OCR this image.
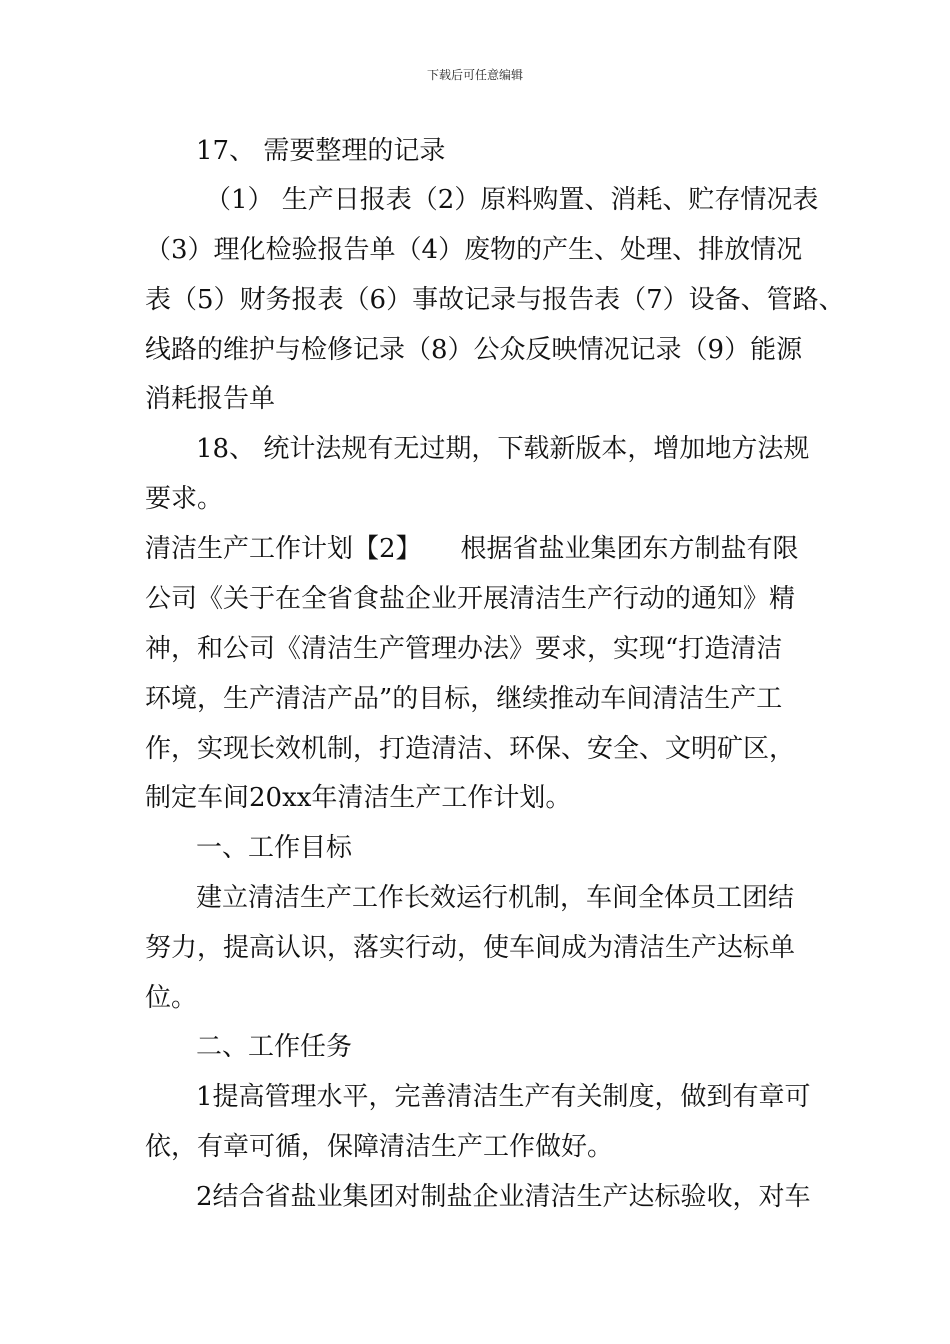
下载后可任意编辑
17、 需要整理的记录
（1） 生产日报表（2）原料购置、消耗、贮存情况表
（3）理化检验报告单（4）废物的产生、处理、排放情况
表（5）财务报表（6）事故记录与报告表（7）设备、管路、
线路的维护与检修记录（8）公众反映情况记录（9）能源
消耗报告单
18、 统计法规有无过期，下载新版本，增加地方法规
要求。
清洁生产工作计划【2】　　根据省盐业集团东方制盐有限
公司《关于在全省食盐企业开展清洁生产行动的通知》精
神，和公司《清洁生产管理办法》要求，实现“打造清洁
环境，生产清洁产品”的目标，继续推动车间清洁生产工
作，实现长效机制，打造清洁、环保、安全、文明矿区，
制定车间20xx年清洁生产工作计划。
一、工作目标
建立清洁生产工作长效运行机制，车间全体员工团结
努力，提高认识，落实行动，使车间成为清洁生产达标单
位。
二、工作任务
1提高管理水平，完善清洁生产有关制度，做到有章可
依，有章可循，保障清洁生产工作做好。
2结合省盐业集团对制盐企业清洁生产达标验收，对车
